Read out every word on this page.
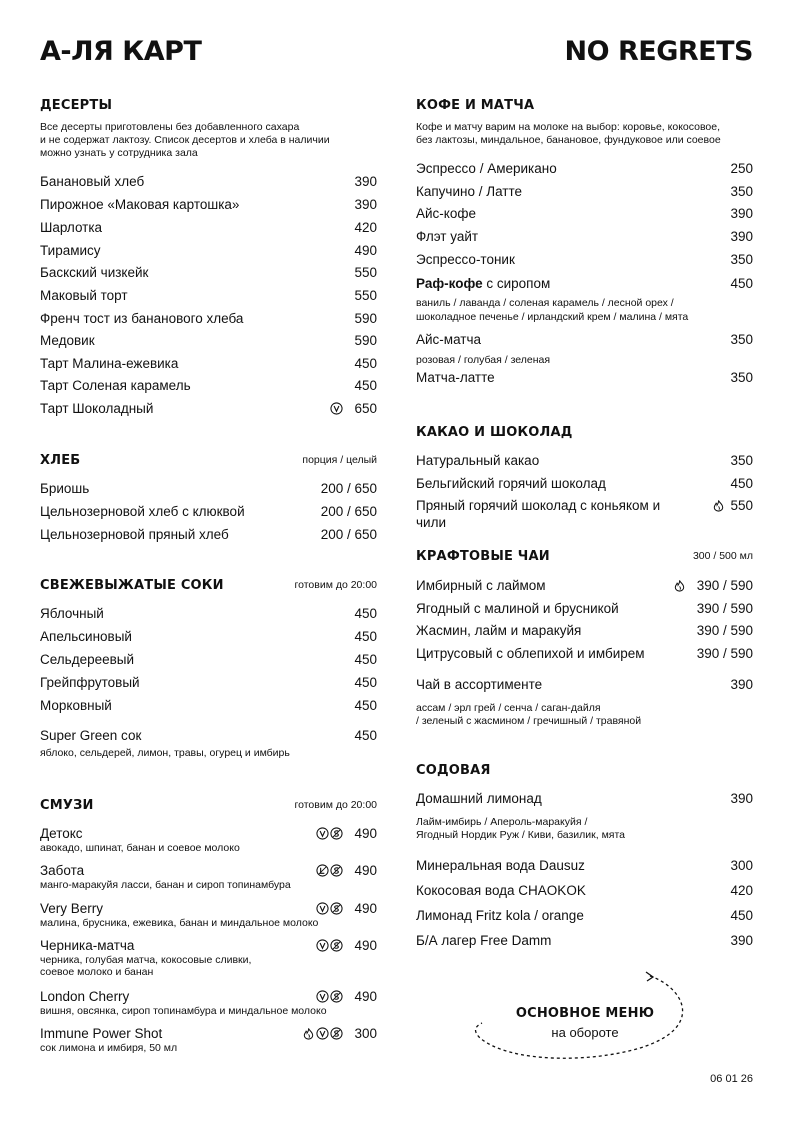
А-ЛЯ КАРТ	NO REGRETS
ДЕСЕРТЫ
Все десерты приготовлены без добавленного сахара
и не содержат лактозу. Список десертов и хлеба в наличии
можно узнать у сотрудника зала
ХЛЕБ	порция / целый
СВЕЖЕВЫЖАТЫЕ СОКИ	готовим до 20:00
СМУЗИ	готовим до 20:00
КОФЕ И МАТЧА
Кофе и матчу варим на молоке на выбор: коровье, кокосовое,
без лактозы, миндальное, банановое, фундуковое или соевое
Раф-кофе с сиропом	450
ваниль / лаванда / соленая карамель / лесной орех /
шоколадное печенье / ирландский крем / малина / мята
Айс-матча	350
розовая / голубая / зеленая
Матча-латте	350
КАКАО И ШОКОЛАД
Пряный горячий шоколад с коньяком и	550
чили
КРАФТОВЫЕ ЧАИ	300 / 500 мл
Чай в ассортименте	390
ассам / эрл грей / сенча / саган-дайля
/ зеленый с жасмином / гречишный / травяной
СОДОВАЯ
Домашний лимонад	390
Лайм-имбирь / Апероль-маракуйя /
Ягодный Нордик Руж / Киви, базилик, мята
ОСНОВНОЕ МЕНЮ
на обороте
06 01 26
Банановый хлеб	390
Пирожное «Маковая картошка»	390
Шарлотка	420
Тирамису	490
Баскский чизкейк	550
Маковый торт	550
Френч тост из бананового хлеба	590
Медовик	590
Тарт Малина-ежевика	450
Тарт Соленая карамель	450
Тарт Шоколадный	650
Бриошь	200 / 650
Цельнозерновой хлеб с клюквой	200 / 650
Цельнозерновой пряный хлеб	200 / 650
Яблочный	450
Апельсиновый	450
Сельдереевый	450
Грейпфрутовый	450
Морковный	450
Super Green сок	450
яблоко, сельдерей, лимон, травы, огурец и имбирь
Детокс	490
авокадо, шпинат, банан и соевое молоко
Забота	490
манго-маракуйя ласси, банан и сироп топинамбура
Very Berry	490
малина, брусника, ежевика, банан и миндальное молоко
Черника-матча	490
черника, голубая матча, кокосовые сливки,
соевое молоко и банан
London Cherry	490
вишня, овсянка, сироп топинамбура и миндальное молоко
Immune Power Shot	300
сок лимона и имбиря, 50 мл
Эспрессо / Американо	250
Капучино / Латте	350
Айс-кофе	390
Флэт уайт	390
Эспрессо-тоник	350
Натуральный какао	350
Бельгийский горячий шоколад	450
Имбирный с лаймом	390 / 590
Ягодный с малиной и брусникой	390 / 590
Жасмин, лайм и маракуйя	390 / 590
Цитрусовый с облепихой и имбирем	390 / 590
Минеральная вода Dausuz	300
Кокосовая вода CHAOKOK	420
Лимонад Fritz kola / orange	450
Б/А лагер Free Damm	390
